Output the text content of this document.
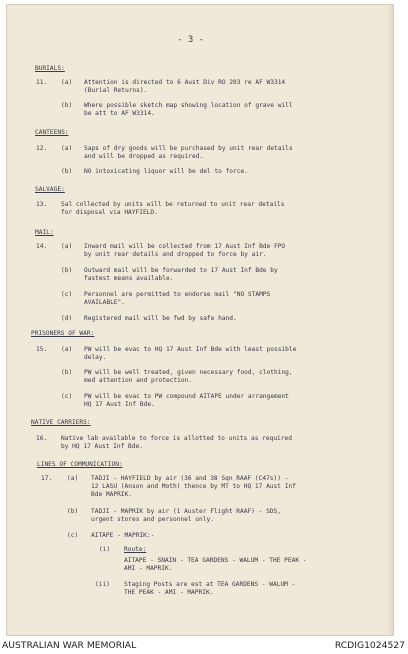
- 3 -
BURIALS:
11. (a) Attention is directed to 6 Aust Div RO 203 re AF W3314
(Burial Returns).
(b) Where possible sketch map showing location of grave will
be att to AF W3314.
CANTEENS:
12. (a) Saps of dry goods will be purchased by unit rear details
and will be dropped as required.
(b) NO intoxicating liquor will be del to force.
SALVAGE:
13. Sal collected by units will be returned to unit rear details
for disposal via HAYFIELD.
MAIL:
14. (a) Inward mail will be collected from 17 Aust Inf Bde FPO
by unit rear details and dropped to force by air.
(b) Outward mail will be forwarded to 17 Aust Inf Bde by
fastest means available.
(c) Personnel are permitted to endorse mail "NO STAMPS
AVAILABLE".
(d) Registered mail will be fwd by safe hand.
PRISONERS OF WAR:
15. (a) PW will be evac to HQ 17 Aust Inf Bde with least possible
delay.
(b) PW will be well treated, given necessary food, clothing,
med attention and protection.
(c) PW will be evac to PW compound AITAPE under arrangement
HQ 17 Aust Inf Bde.
NATIVE CARRIERS:
16. Native lab available to force is allotted to units as required
by HQ 17 Aust Inf Bde.
LINES OF COMMUNICATION:
17. (a) TADJI - HAYFIELD by air (36 and 38 Sqn RAAF (C47s)) -
12 LASU (Anson and Moth) thence by MT to HQ 17 Aust Inf
Bde MAPRIK.
(b) TADJI - MAPRIK by air (1 Auster Flight RAAF) - SDS,
urgent stores and personnel only.
(c) AITAPE - MAPRIK:-
(i) Route:
AITAPE - SNAIN - TEA GARDENS - WALUM - THE PEAK -
AMI - MAPRIK.
(ii) Staging Posts are est at TEA GARDENS - WALUM -
THE PEAK - AMI - MAPRIK.
AUSTRALIAN WAR MEMORIAL	RCDIG1024527
